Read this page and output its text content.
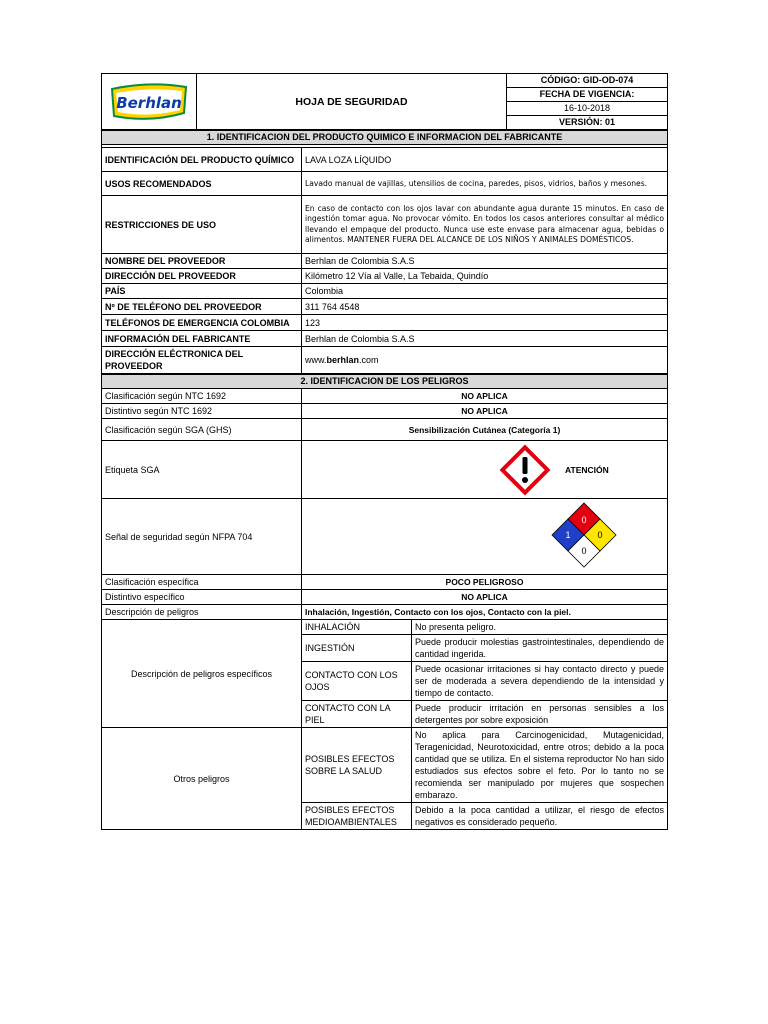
Berhlan	HOJA DE SEGURIDAD	CÓDIGO: GID-OD-074
FECHA DE VIGENCIA:
16-10-2018
VERSIÓN: 01
1. IDENTIFICACION DEL PRODUCTO QUIMICO E INFORMACION DEL FABRICANTE	

IDENTIFICACIÓN DEL PRODUCTO QUÍMICO	LAVA LOZA LÍQUIDO
USOS RECOMENDADOS	Lavado manual de vajillas, utensilios de cocina, paredes, pisos, vidrios, baños y mesones.
RESTRICCIONES DE USO	En caso de contacto con los ojos lavar con abundante agua durante 15 minutos. En caso de ingestión tomar agua. No provocar vómito. En todos los casos anteriores consultar al médico llevando el empaque del producto. Nunca use este envase para almacenar agua, bebidas o alimentos. MANTENER FUERA DEL ALCANCE DE LOS NIÑOS Y ANIMALES DOMÉSTICOS.
NOMBRE DEL PROVEEDOR	Berhlan de Colombia S.A.S
DIRECCIÓN DEL PROVEEDOR	Kilómetro 12 Vía al Valle, La Tebaida, Quindío
PAÍS	Colombia
Nº DE TELÉFONO DEL PROVEEDOR	311 764 4548
TELÉFONOS DE EMERGENCIA COLOMBIA	123
INFORMACIÓN DEL FABRICANTE	Berhlan de Colombia S.A.S
DIRECCIÓN ELÉCTRONICA DEL PROVEEDOR	www.berhlan.com
2. IDENTIFICACION DE LOS PELIGROS		
Clasificación según NTC 1692	NO APLICA	
Distintivo según NTC 1692	NO APLICA	
Clasificación según SGA (GHS)	Sensibilización Cutánea (Categoría 1)	
Etiqueta SGA	ATENCIÓN	

Señal de seguridad según NFPA 704	0
1 0
0	

Clasificación específica	POCO PELIGROSO	
Distintivo específico	NO APLICA	
Descripción de peligros	Inhalación, Ingestión, Contacto con los ojos, Contacto con la piel.	
Descripción de peligros específicos	INHALACIÓN	No presenta peligro.
	INGESTIÓN	Puede producir molestias gastrointestinales, dependiendo de cantidad ingerida.
	CONTACTO CON LOS OJOS	Puede ocasionar irritaciones si hay contacto directo y puede ser de moderada a severa dependiendo de la intensidad y tiempo de contacto.
	CONTACTO CON LA PIEL	Puede producir irritación en personas sensibles a los detergentes por sobre exposición
Otros peligros	POSIBLES EFECTOS SOBRE LA SALUD	No aplica para Carcinogenicidad, Mutagenicidad, Teragenicidad, Neurotoxicidad, entre otros; debido a la poca cantidad que se utiliza. En el sistema reproductor No han sido estudiados sus efectos sobre el feto. Por lo tanto no se recomienda ser manipulado por mujeres que sospechen embarazo.
	POSIBLES EFECTOS MEDIOAMBIENTALES	Debido a la poca cantidad a utilizar, el riesgo de efectos negativos es considerado pequeño.
